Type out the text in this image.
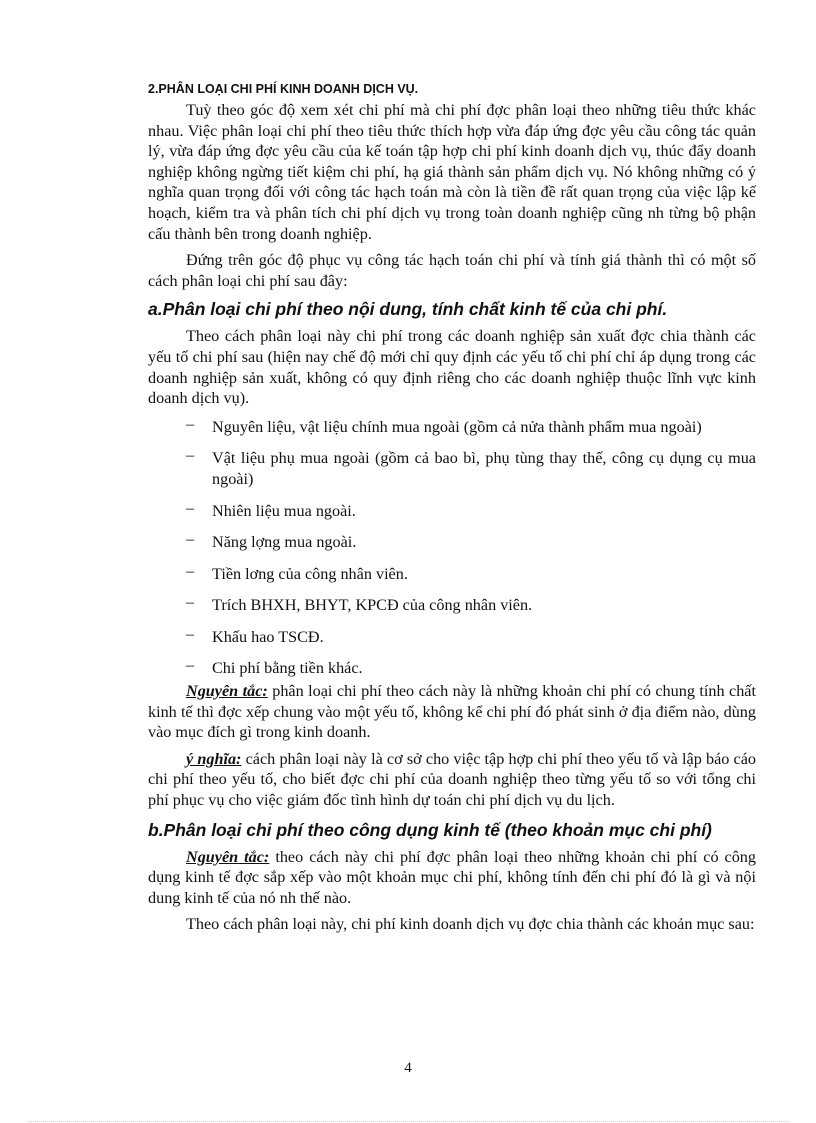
2.PHÂN LOẠI CHI PHÍ KINH DOANH DỊCH VỤ.

Tuỳ theo góc độ xem xét chi phí mà chi phí đợc phân loại theo những tiêu thức khác nhau. Việc phân loại chi phí theo tiêu thức thích hợp vừa đáp ứng đợc yêu cầu công tác quản lý, vừa đáp ứng đợc yêu cầu của kế toán tập hợp chi phí kinh doanh dịch vụ, thúc đẩy doanh nghiệp không ngừng tiết kiệm chi phí, hạ giá thành sản phẩm dịch vụ. Nó không những có ý nghĩa quan trọng đối với công tác hạch toán mà còn là tiền đề rất quan trọng của việc lập kế hoạch, kiểm tra và phân tích chi phí dịch vụ trong toàn doanh nghiệp cũng nh từng bộ phận cấu thành bên trong doanh nghiệp.

Đứng trên góc độ phục vụ công tác hạch toán chi phí và tính giá thành thì có một số cách phân loại chi phí sau đây:

a.Phân loại chi phí theo nội dung, tính chất kinh tế của chi phí.

Theo cách phân loại này chi phí trong các doanh nghiệp sản xuất đợc chia thành các yếu tố chi phí sau (hiện nay chế độ mới chỉ quy định các yếu tố chi phí chỉ áp dụng trong các doanh nghiệp sản xuất, không có quy định riêng cho các doanh nghiệp thuộc lĩnh vực kinh doanh dịch vụ).

– Nguyên liệu, vật liệu chính mua ngoài (gồm cả nửa thành phẩm mua ngoài)
– Vật liệu phụ mua ngoài (gồm cả bao bì, phụ tùng thay thế, công cụ dụng cụ mua ngoài)
– Nhiên liệu mua ngoài.
– Năng lợng mua ngoài.
– Tiền lơng của công nhân viên.
– Trích BHXH, BHYT, KPCĐ của công nhân viên.
– Khấu hao TSCĐ.
– Chi phí bằng tiền khác.

Nguyên tắc: phân loại chi phí theo cách này là những khoản chi phí có chung tính chất kinh tế thì đợc xếp chung vào một yếu tố, không kể chi phí đó phát sinh ở địa điểm nào, dùng vào mục đích gì trong kinh doanh.

ý nghĩa: cách phân loại này là cơ sở cho việc tập hợp chi phí theo yếu tố và lập báo cáo chi phí theo yếu tố, cho biết đợc chi phí của doanh nghiệp theo từng yếu tố so với tổng chi phí phục vụ cho việc giám đốc tình hình dự toán chi phí dịch vụ du lịch.

b.Phân loại chi phí theo công dụng kinh tế (theo khoản mục chi phí)

Nguyên tắc: theo cách này chi phí đợc phân loại theo những khoản chi phí có công dụng kinh tế đợc sắp xếp vào một khoản mục chi phí, không tính đến chi phí đó là gì và nội dung kinh tế của nó nh thế nào.

Theo cách phân loại này, chi phí kinh doanh dịch vụ đợc chia thành các khoản mục sau:

4
